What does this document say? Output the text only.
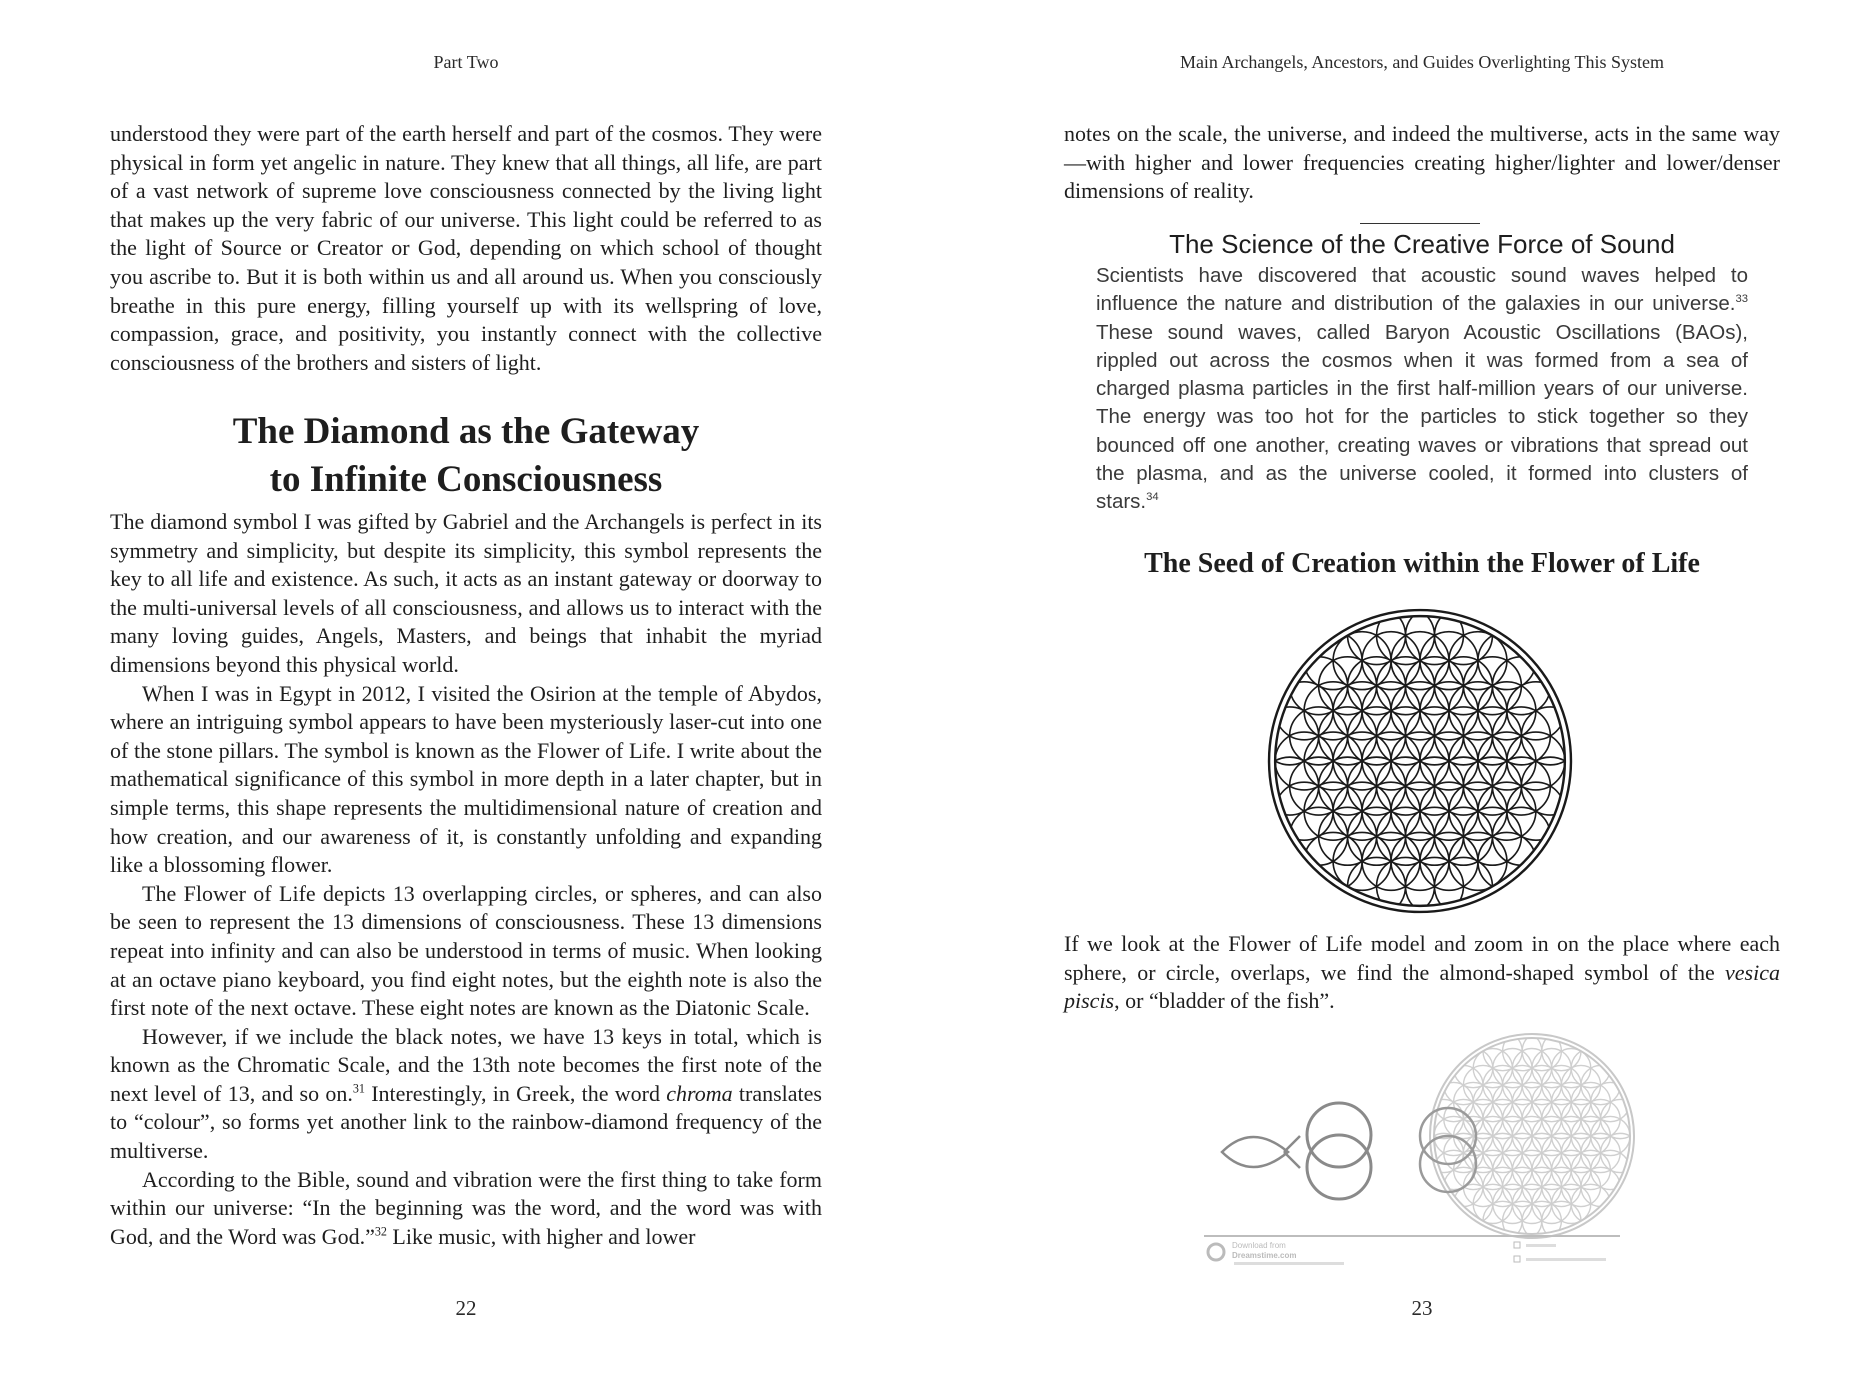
Part Two

understood they were part of the earth herself and part of the cosmos. They were physical in form yet angelic in nature. They knew that all things, all life, are part of a vast network of supreme love consciousness connected by the living light that makes up the very fabric of our universe. This light could be referred to as the light of Source or Creator or God, depending on which school of thought you ascribe to. But it is both within us and all around us. When you consciously breathe in this pure energy, filling yourself up with its wellspring of love, compassion, grace, and positivity, you instantly connect with the collective consciousness of the brothers and sisters of light.

The Diamond as the Gateway
to Infinite Consciousness

The diamond symbol I was gifted by Gabriel and the Archangels is perfect in its symmetry and simplicity, but despite its simplicity, this symbol represents the key to all life and existence. As such, it acts as an instant gateway or doorway to the multi-universal levels of all consciousness, and allows us to interact with the many loving guides, Angels, Masters, and beings that inhabit the myriad dimensions beyond this physical world.

When I was in Egypt in 2012, I visited the Osirion at the temple of Abydos, where an intriguing symbol appears to have been mysteriously laser-cut into one of the stone pillars. The symbol is known as the Flower of Life. I write about the mathematical significance of this symbol in more depth in a later chapter, but in simple terms, this shape represents the multidimensional nature of creation and how creation, and our awareness of it, is constantly unfolding and expanding like a blossoming flower.

The Flower of Life depicts 13 overlapping circles, or spheres, and can also be seen to represent the 13 dimensions of consciousness. These 13 dimensions repeat into infinity and can also be understood in terms of music. When looking at an octave piano keyboard, you find eight notes, but the eighth note is also the first note of the next octave. These eight notes are known as the Diatonic Scale.

However, if we include the black notes, we have 13 keys in total, which is known as the Chromatic Scale, and the 13th note becomes the first note of the next level of 13, and so on.$^{31}$ Interestingly, in Greek, the word chroma translates to “colour”, so forms yet another link to the rainbow-diamond frequency of the multiverse.

According to the Bible, sound and vibration were the first thing to take form within our universe: “In the beginning was the word, and the word was with God, and the Word was God.”$^{32}$ Like music, with higher and lower

22
Main Archangels, Ancestors, and Guides Overlighting This System

notes on the scale, the universe, and indeed the multiverse, acts in the same way—with higher and lower frequencies creating higher/lighter and lower/denser dimensions of reality.

The Science of the Creative Force of Sound

Scientists have discovered that acoustic sound waves helped to influence the nature and distribution of the galaxies in our universe.$^{33}$ These sound waves, called Baryon Acoustic Oscillations (BAOs), rippled out across the cosmos when it was formed from a sea of charged plasma particles in the first half-million years of our universe. The energy was too hot for the particles to stick together so they bounced off one another, creating waves or vibrations that spread out the plasma, and as the universe cooled, it formed into clusters of stars.$^{34}$

The Seed of Creation within the Flower of Life

If we look at the Flower of Life model and zoom in on the place where each sphere, or circle, overlaps, we find the almond-shaped symbol of the vesica piscis, or “bladder of the fish”.

Download from
Dreamstime.com
23
